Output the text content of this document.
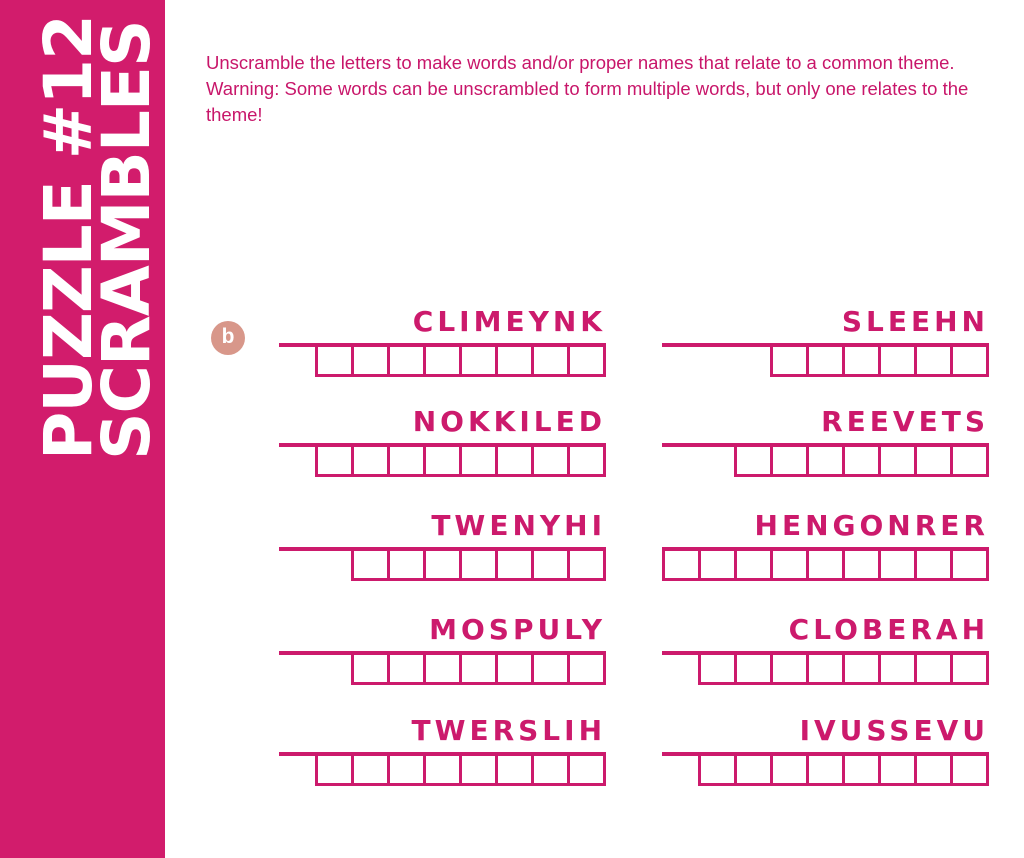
PUZZLE #12
SCRAMBLES Unscramble the letters to make words and/or proper names that relate to a common theme. Warning: Some words can be unscrambled to form multiple words, but only one relates to the theme!

b	CLIMEYNK
NOKKILED
TWENYHI
MOSPULY
TWERSLIH
SLEEHN
REEVETS
HENGONRER
CLOBERAH
IVUSSEVU
